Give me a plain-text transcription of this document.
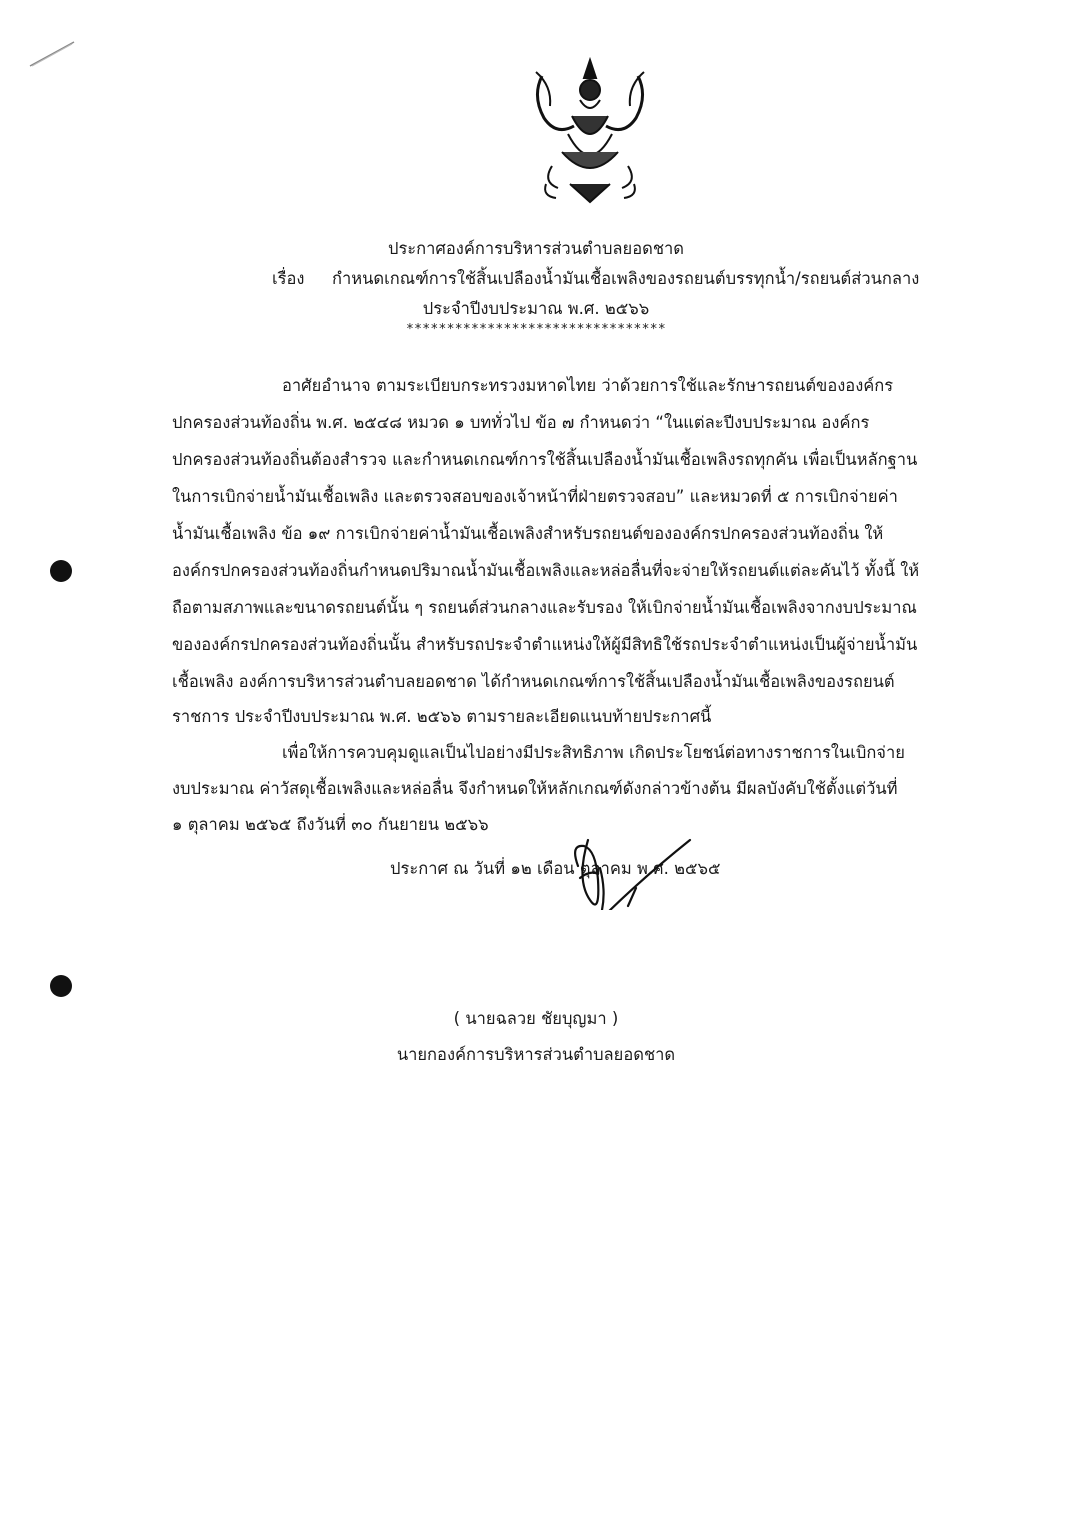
ประกาศองค์การบริหารส่วนตำบลยอดชาด
เรื่อง กำหนดเกณฑ์การใช้สิ้นเปลืองน้ำมันเชื้อเพลิงของรถยนต์บรรทุกน้ำ/รถยนต์ส่วนกลาง
ประจำปีงบประมาณ พ.ศ. ๒๕๖๖
********************************
อาศัยอำนาจ ตามระเบียบกระทรวงมหาดไทย ว่าด้วยการใช้และรักษารถยนต์ขององค์กร
ปกครองส่วนท้องถิ่น พ.ศ. ๒๕๔๘ หมวด ๑ บททั่วไป ข้อ ๗ กำหนดว่า “ในแต่ละปีงบประมาณ องค์กร
ปกครองส่วนท้องถิ่นต้องสำรวจ และกำหนดเกณฑ์การใช้สิ้นเปลืองน้ำมันเชื้อเพลิงรถทุกคัน เพื่อเป็นหลักฐาน
ในการเบิกจ่ายน้ำมันเชื้อเพลิง และตรวจสอบของเจ้าหน้าที่ฝ่ายตรวจสอบ” และหมวดที่ ๕ การเบิกจ่ายค่า
น้ำมันเชื้อเพลิง ข้อ ๑๙ การเบิกจ่ายค่าน้ำมันเชื้อเพลิงสำหรับรถยนต์ขององค์กรปกครองส่วนท้องถิ่น ให้
องค์กรปกครองส่วนท้องถิ่นกำหนดปริมาณน้ำมันเชื้อเพลิงและหล่อลื่นที่จะจ่ายให้รถยนต์แต่ละคันไว้ ทั้งนี้ ให้
ถือตามสภาพและขนาดรถยนต์นั้น ๆ รถยนต์ส่วนกลางและรับรอง ให้เบิกจ่ายน้ำมันเชื้อเพลิงจากงบประมาณ
ขององค์กรปกครองส่วนท้องถิ่นนั้น สำหรับรถประจำตำแหน่งให้ผู้มีสิทธิใช้รถประจำตำแหน่งเป็นผู้จ่ายน้ำมัน
เชื้อเพลิง องค์การบริหารส่วนตำบลยอดชาด ได้กำหนดเกณฑ์การใช้สิ้นเปลืองน้ำมันเชื้อเพลิงของรถยนต์
ราชการ ประจำปีงบประมาณ พ.ศ. ๒๕๖๖ ตามรายละเอียดแนบท้ายประกาศนี้
เพื่อให้การควบคุมดูแลเป็นไปอย่างมีประสิทธิภาพ เกิดประโยชน์ต่อทางราชการในเบิกจ่าย
งบประมาณ ค่าวัสดุเชื้อเพลิงและหล่อลื่น จึงกำหนดให้หลักเกณฑ์ดังกล่าวข้างต้น มีผลบังคับใช้ตั้งแต่วันที่
๑ ตุลาคม ๒๕๖๕ ถึงวันที่ ๓๐ กันยายน ๒๕๖๖
ประกาศ ณ วันที่ ๑๒ เดือน ตุลาคม พ.ศ. ๒๕๖๕
( นายฉลวย ชัยบุญมา )
นายกองค์การบริหารส่วนตำบลยอดชาด
